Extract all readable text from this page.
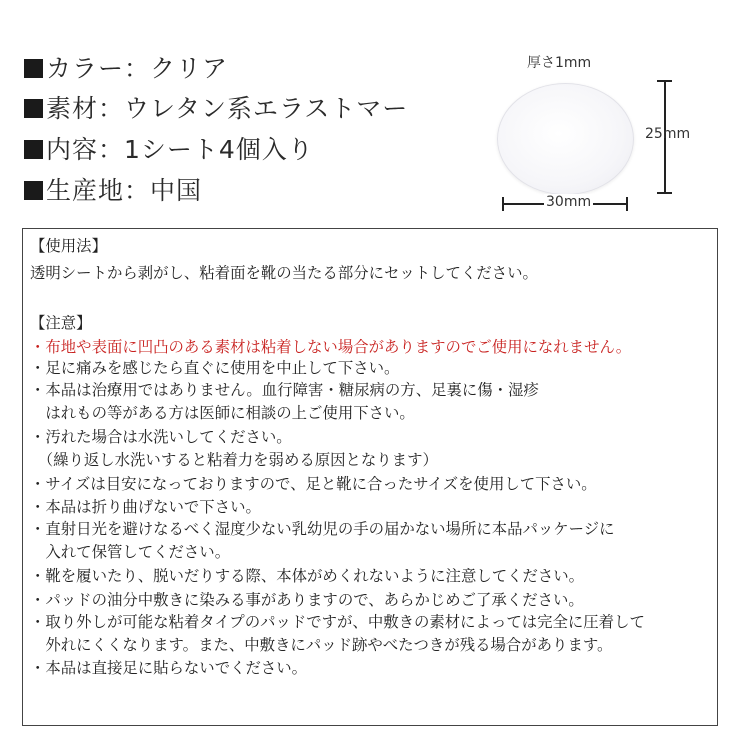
カラー：クリア
素材：ウレタン系エラストマー
内容：1シート4個入り
生産地：中国
厚さ1mm
25mm
30mm
【使用法】
透明シートから剥がし、粘着面を靴の当たる部分にセットしてください。
【注意】
・布地や表面に凹凸のある素材は粘着しない場合がありますのでご使用になれません。
・足に痛みを感じたら直ぐに使用を中止して下さい。
・本品は治療用ではありません。血行障害・糖尿病の方、足裏に傷・湿疹
　はれもの等がある方は医師に相談の上ご使用下さい。
・汚れた場合は水洗いしてください。
　（繰り返し水洗いすると粘着力を弱める原因となります）
・サイズは目安になっておりますので、足と靴に合ったサイズを使用して下さい。
・本品は折り曲げないで下さい。
・直射日光を避けなるべく湿度少ない乳幼児の手の届かない場所に本品パッケージに
　入れて保管してください。
・靴を履いたり、脱いだりする際、本体がめくれないように注意してください。
・パッドの油分中敷きに染みる事がありますので、あらかじめご了承ください。
・取り外しが可能な粘着タイプのパッドですが、中敷きの素材によっては完全に圧着して
　外れにくくなります。また、中敷きにパッド跡やべたつきが残る場合があります。
・本品は直接足に貼らないでください。
